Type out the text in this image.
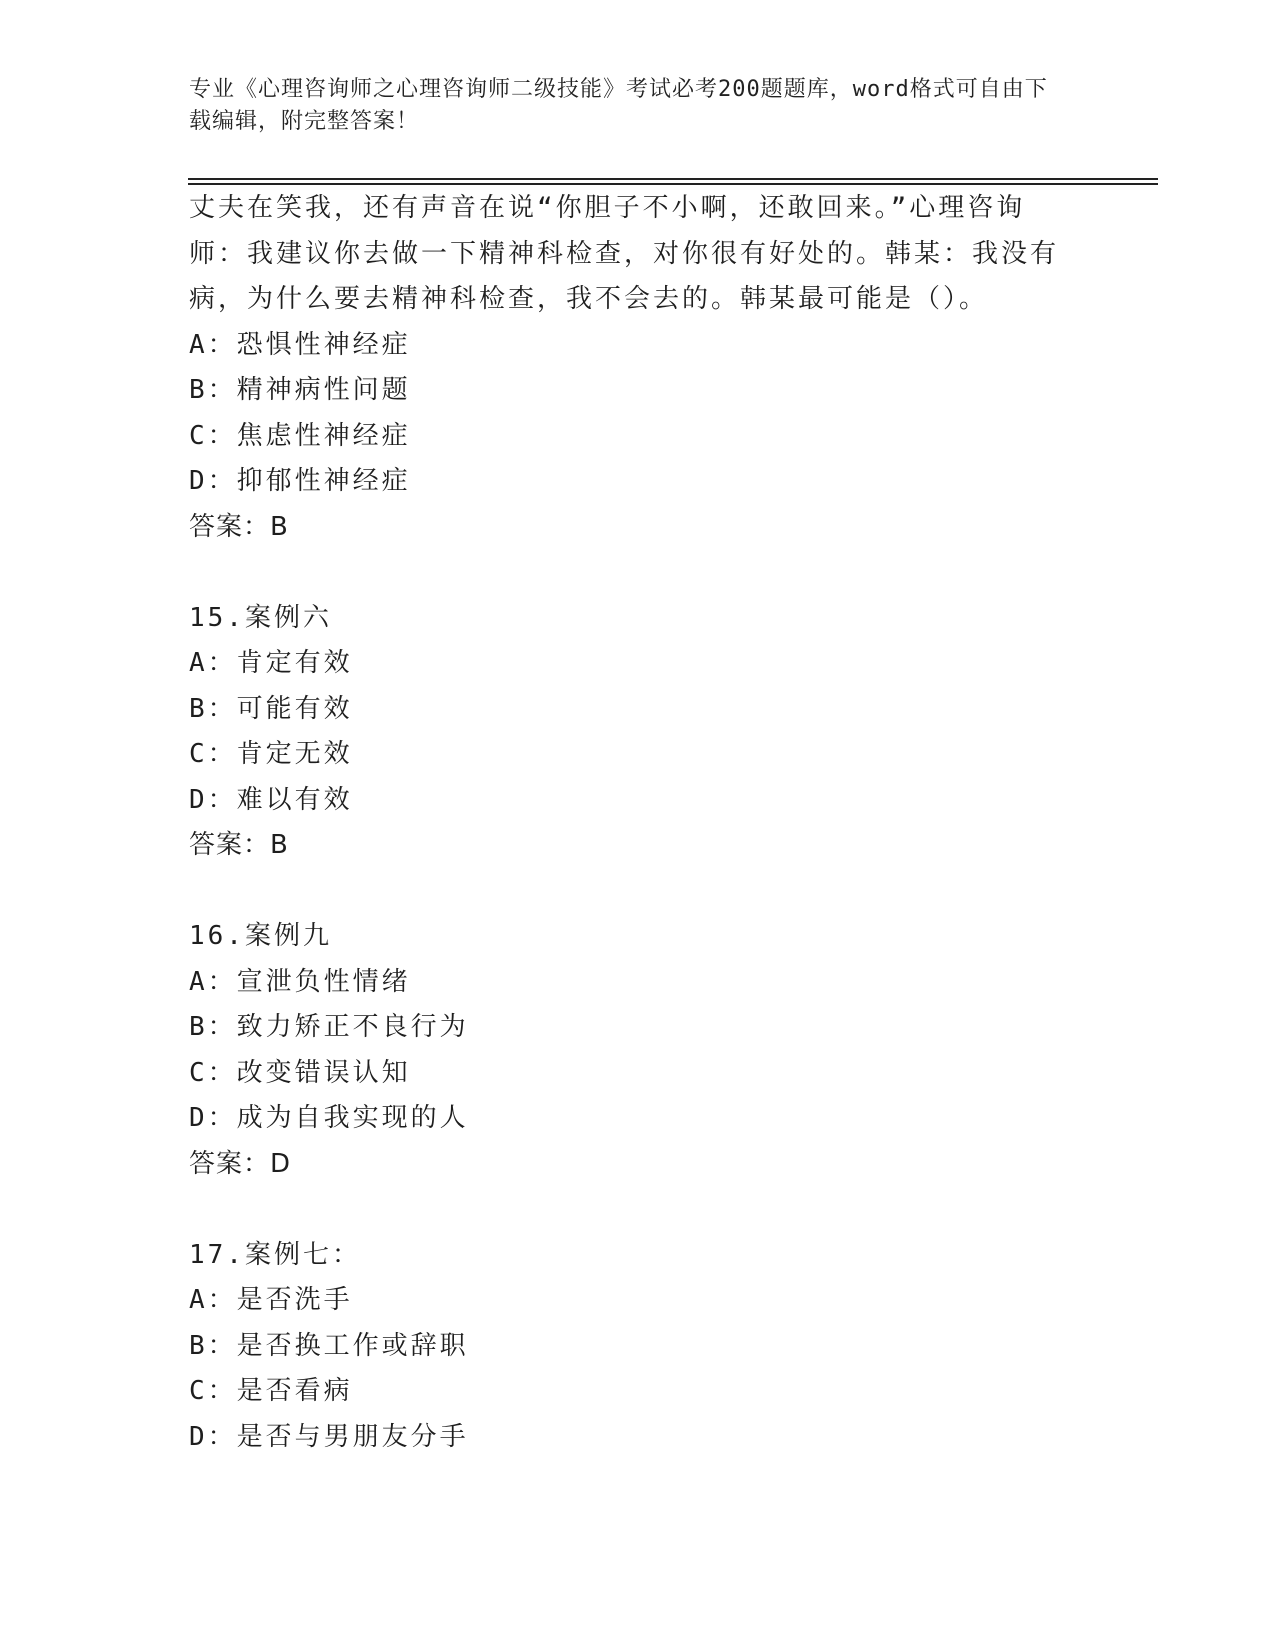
专业《心理咨询师之心理咨询师二级技能》考试必考200题题库，word格式可自由下载编辑，附完整答案！
丈夫在笑我，还有声音在说“你胆子不小啊，还敢回来。”心理咨询
师：我建议你去做一下精神科检查，对你很有好处的。韩某：我没有
病，为什么要去精神科检查，我不会去的。韩某最可能是（）。
A：恐惧性神经症
B：精神病性问题
C：焦虑性神经症
D：抑郁性神经症
答案：B
15.案例六
A：肯定有效
B：可能有效
C：肯定无效
D：难以有效
答案：B
16.案例九
A：宣泄负性情绪
B：致力矫正不良行为
C：改变错误认知
D：成为自我实现的人
答案：D
17.案例七：
A：是否洗手
B：是否换工作或辞职
C：是否看病
D：是否与男朋友分手
